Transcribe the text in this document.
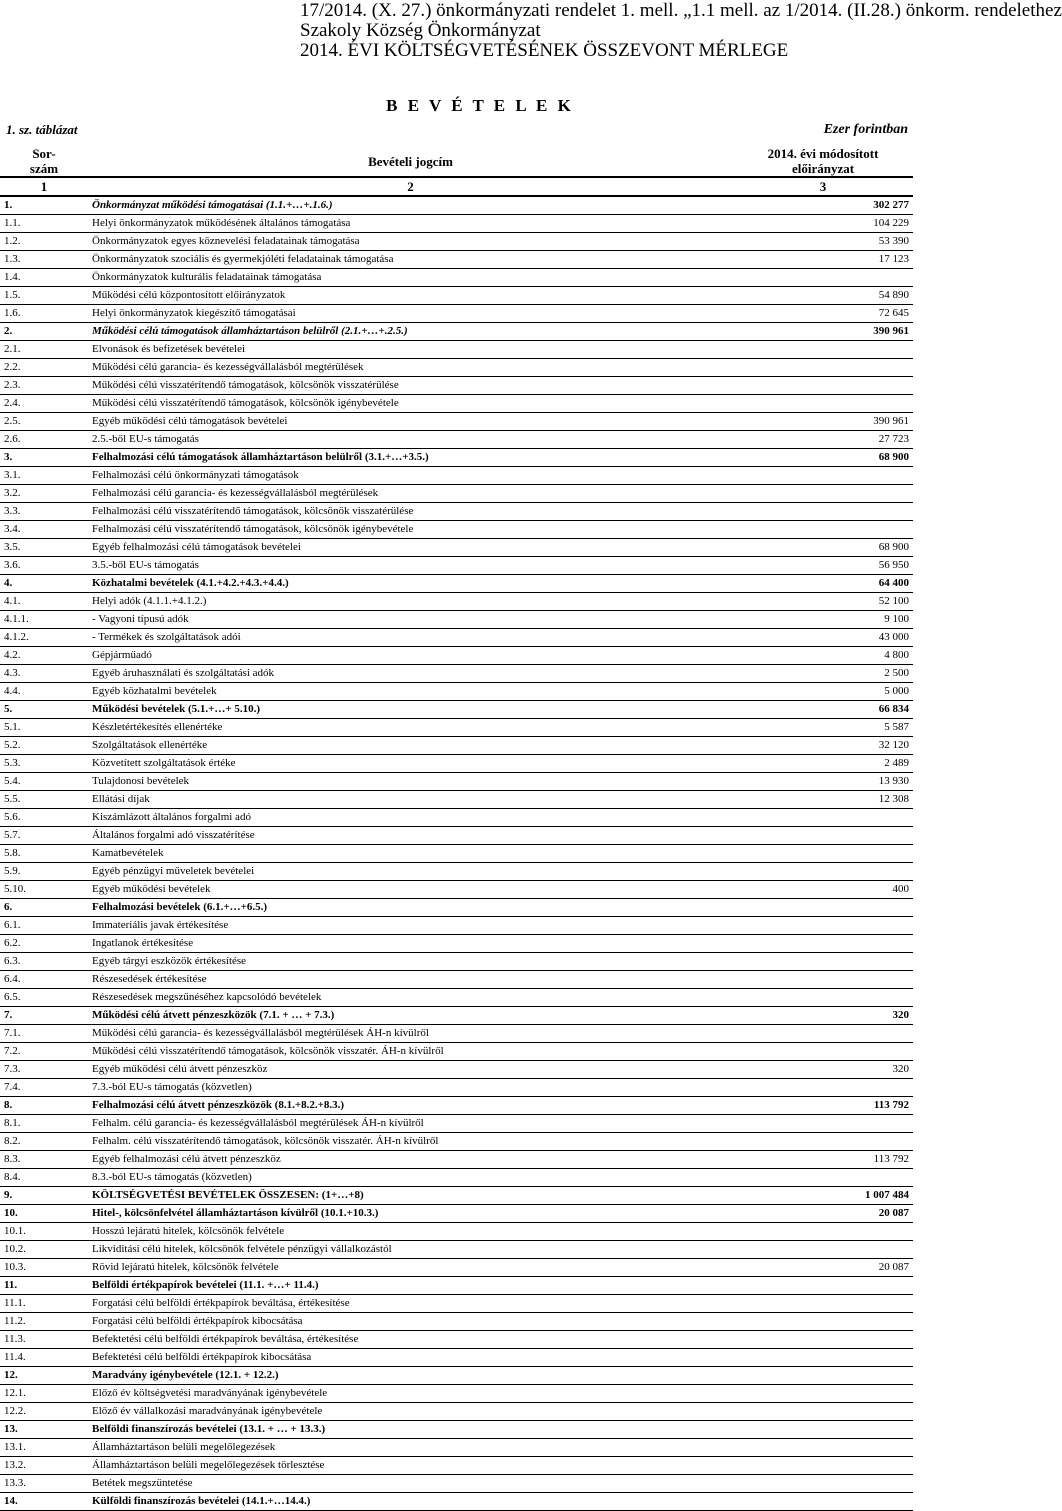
17/2014. (X. 27.) önkormányzati rendelet 1. mell. „1.1 mell. az 1/2014. (II.28.) önkorm. rendelethez
Szakoly Község Önkormányzat
2014. ÉVI KÖLTSÉGVETÉSÉNEK ÖSSZEVONT MÉRLEGE
B E V É T E L E K
1. sz. táblázat	Ezer forintban
Sor-
szám	Bevételi jogcím	2014. évi módosított
előirányzat
1	2	3
1.	Önkormányzat működési támogatásai (1.1.+…+.1.6.)	302 277
1.1.	Helyi önkormányzatok működésének általános támogatása	104 229
1.2.	Önkormányzatok egyes köznevelési feladatainak támogatása	53 390
1.3.	Önkormányzatok szociális és gyermekjóléti feladatainak támogatása	17 123
1.4.	Önkormányzatok kulturális feladatainak támogatása	
1.5.	Működési célú központosított előirányzatok	54 890
1.6.	Helyi önkormányzatok kiegészítő támogatásai	72 645
2.	Működési célú támogatások államháztartáson belülről (2.1.+…+.2.5.)	390 961
2.1.	Elvonások és befizetések bevételei	
2.2.	Működési célú garancia- és kezességvállalásból megtérülések	
2.3.	Működési célú visszatérítendő támogatások, kölcsönök visszatérülése	
2.4.	Működési célú visszatérítendő támogatások, kölcsönök igénybevétele	
2.5.	Egyéb működési célú támogatások bevételei	390 961
2.6.	2.5.-ből EU-s támogatás	27 723
3.	Felhalmozási célú támogatások államháztartáson belülről (3.1.+…+3.5.)	68 900
3.1.	Felhalmozási célú önkormányzati támogatások	
3.2.	Felhalmozási célú garancia- és kezességvállalásból megtérülések	
3.3.	Felhalmozási célú visszatérítendő támogatások, kölcsönök visszatérülése	
3.4.	Felhalmozási célú visszatérítendő támogatások, kölcsönök igénybevétele	
3.5.	Egyéb felhalmozási célú támogatások bevételei	68 900
3.6.	3.5.-ből EU-s támogatás	56 950
4.	Közhatalmi bevételek (4.1.+4.2.+4.3.+4.4.)	64 400
4.1.	Helyi adók (4.1.1.+4.1.2.)	52 100
4.1.1.	- Vagyoni típusú adók	9 100
4.1.2.	- Termékek és szolgáltatások adói	43 000
4.2.	Gépjárműadó	4 800
4.3.	Egyéb áruhasználati és szolgáltatási adók	2 500
4.4.	Egyéb közhatalmi bevételek	5 000
5.	Működési bevételek (5.1.+…+ 5.10.)	66 834
5.1.	Készletértékesítés ellenértéke	5 587
5.2.	Szolgáltatások ellenértéke	32 120
5.3.	Közvetített szolgáltatások értéke	2 489
5.4.	Tulajdonosi bevételek	13 930
5.5.	Ellátási díjak	12 308
5.6.	Kiszámlázott általános forgalmi adó	
5.7.	Általános forgalmi adó visszatérítése	
5.8.	Kamatbevételek	
5.9.	Egyéb pénzügyi műveletek bevételei	
5.10.	Egyéb működési bevételek	400
6.	Felhalmozási bevételek (6.1.+…+6.5.)	
6.1.	Immateriális javak értékesítése	
6.2.	Ingatlanok értékesítése	
6.3.	Egyéb tárgyi eszközök értékesítése	
6.4.	Részesedések értékesítése	
6.5.	Részesedések megszűnéséhez kapcsolódó bevételek	
7.	Működési célú átvett pénzeszközök (7.1. + … + 7.3.)	320
7.1.	Működési célú garancia- és kezességvállalásból megtérülések ÁH-n kívülről	
7.2.	Működési célú visszatérítendő támogatások, kölcsönök visszatér. ÁH-n kívülről	
7.3.	Egyéb működési célú átvett pénzeszköz	320
7.4.	7.3.-ból EU-s támogatás (közvetlen)	
8.	Felhalmozási célú átvett pénzeszközök (8.1.+8.2.+8.3.)	113 792
8.1.	Felhalm. célú garancia- és kezességvállalásból megtérülések ÁH-n kívülről	
8.2.	Felhalm. célú visszatérítendő támogatások, kölcsönök visszatér. ÁH-n kívülről	
8.3.	Egyéb felhalmozási célú átvett pénzeszköz	113 792
8.4.	8.3.-ból EU-s támogatás (közvetlen)	
9.	KÖLTSÉGVETÉSI BEVÉTELEK ÖSSZESEN: (1+…+8)	1 007 484
10.	Hitel-, kölcsönfelvétel államháztartáson kívülről (10.1.+10.3.)	20 087
10.1.	Hosszú lejáratú hitelek, kölcsönök felvétele	
10.2.	Likviditási célú hitelek, kölcsönök felvétele pénzügyi vállalkozástól	
10.3.	Rövid lejáratú hitelek, kölcsönök felvétele	20 087
11.	Belföldi értékpapírok bevételei (11.1. +…+ 11.4.)	
11.1.	Forgatási célú belföldi értékpapírok beváltása, értékesítése	
11.2.	Forgatási célú belföldi értékpapírok kibocsátása	
11.3.	Befektetési célú belföldi értékpapírok beváltása, értékesítése	
11.4.	Befektetési célú belföldi értékpapírok kibocsátása	
12.	Maradvány igénybevétele (12.1. + 12.2.)	
12.1.	Előző év költségvetési maradványának igénybevétele	
12.2.	Előző év vállalkozási maradványának igénybevétele	
13.	Belföldi finanszírozás bevételei (13.1. + … + 13.3.)	
13.1.	Államháztartáson belüli megelőlegezések	
13.2.	Államháztartáson belüli megelőlegezések törlesztése	
13.3.	Betétek megszüntetése	
14.	Külföldi finanszírozás bevételei (14.1.+…14.4.)	
